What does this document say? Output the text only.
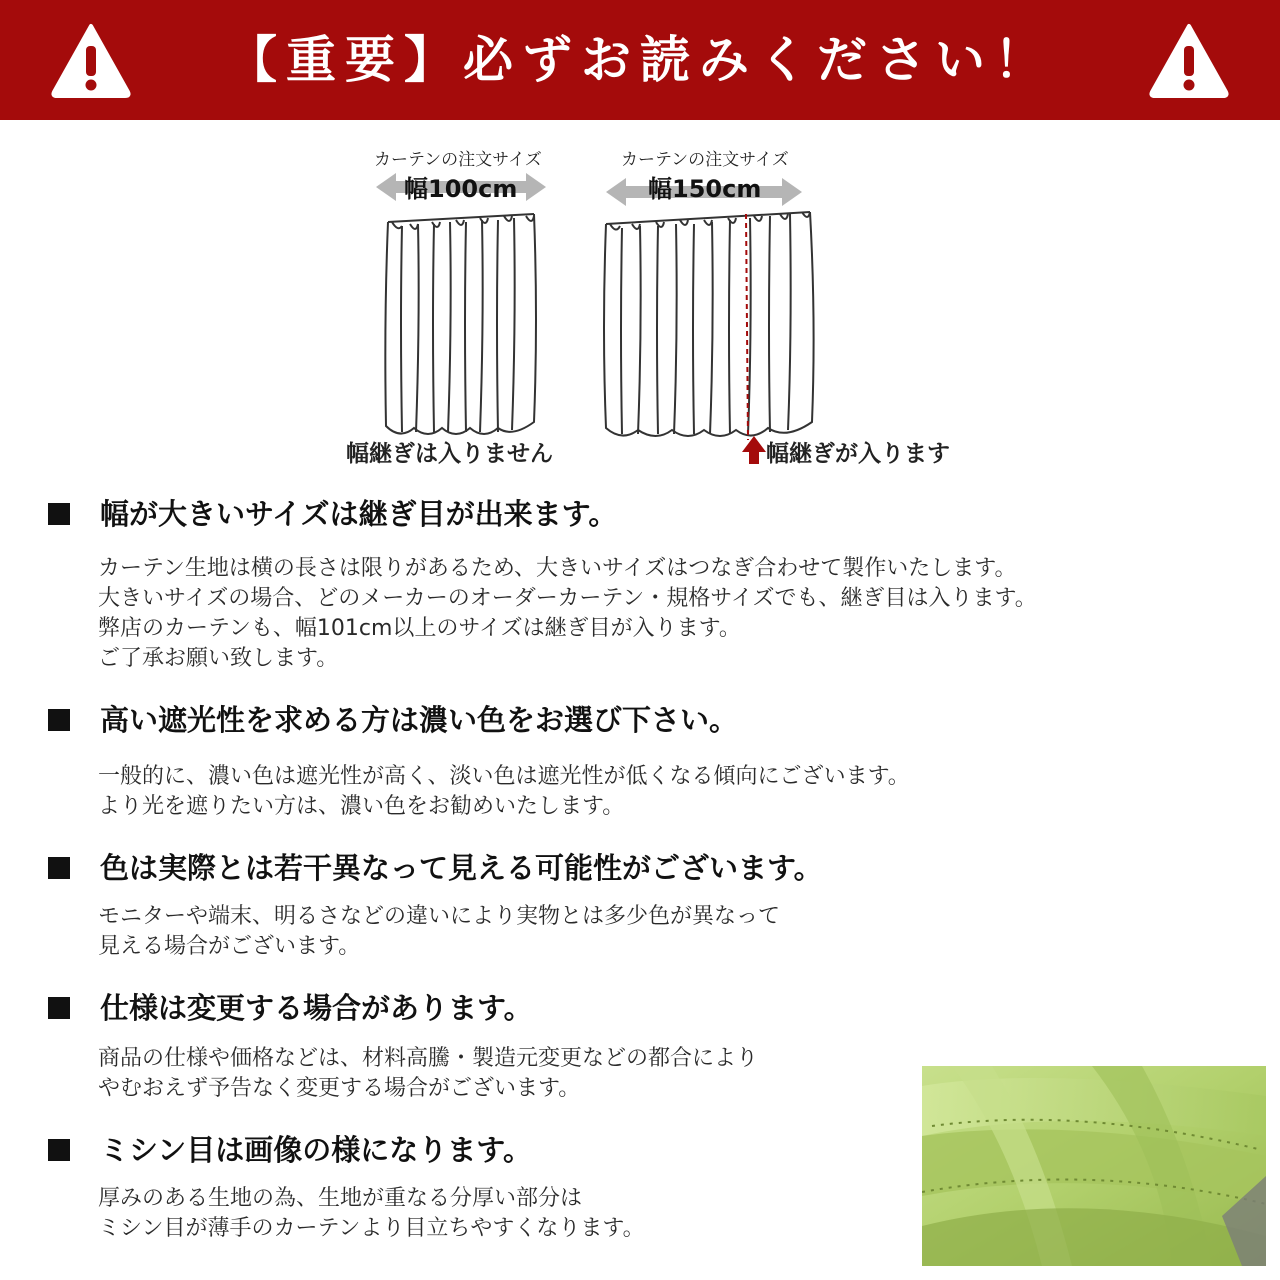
【重要】必ずお読みください！
カーテンの注文サイズ
幅100cm
幅継ぎは入りません
カーテンの注文サイズ
幅150cm
幅継ぎが入ります
幅が大きいサイズは継ぎ目が出来ます。
カーテン生地は横の長さは限りがあるため、大きいサイズはつなぎ合わせて製作いたします。
大きいサイズの場合、どのメーカーのオーダーカーテン・規格サイズでも、継ぎ目は入ります。
弊店のカーテンも、幅101cm以上のサイズは継ぎ目が入ります。
ご了承お願い致します。
高い遮光性を求める方は濃い色をお選び下さい。
一般的に、濃い色は遮光性が高く、淡い色は遮光性が低くなる傾向にございます。
より光を遮りたい方は、濃い色をお勧めいたします。
色は実際とは若干異なって見える可能性がございます。
モニターや端末、明るさなどの違いにより実物とは多少色が異なって
見える場合がございます。
仕様は変更する場合があります。
商品の仕様や価格などは、材料高騰・製造元変更などの都合により
やむおえず予告なく変更する場合がございます。
ミシン目は画像の様になります。
厚みのある生地の為、生地が重なる分厚い部分は
ミシン目が薄手のカーテンより目立ちやすくなります。
